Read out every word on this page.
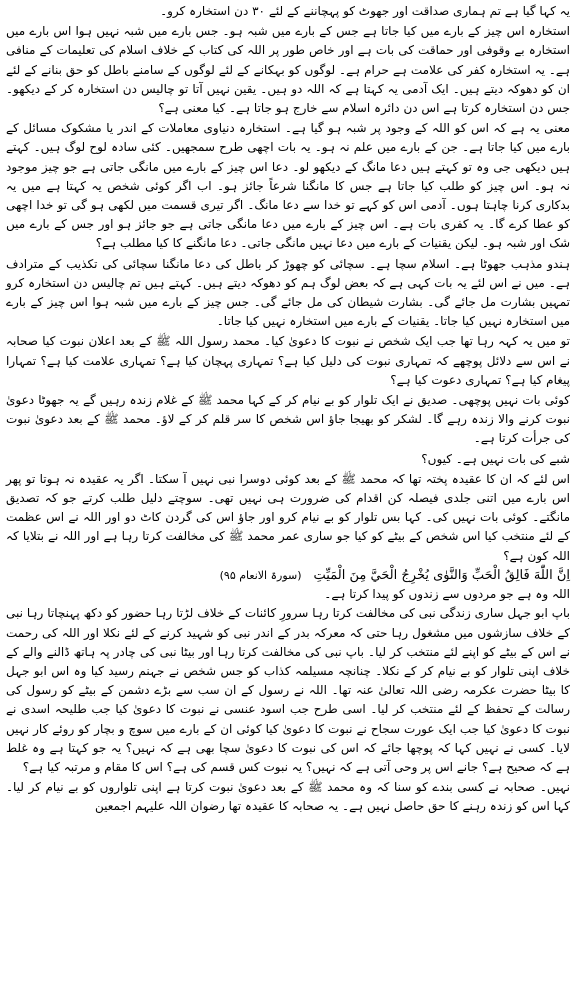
یہ کہا گیا ہے تم ہماری صداقت اور جھوٹ کو پہچاننے کے لئے ۳۰ دن استخارہ کرو۔

استخارہ اس چیز کے بارے میں کیا جاتا ہے جس کے بارے میں شبہ ہو۔ جس بارے میں شبہ نہیں ہوا اس بارے میں استخارہ بے وقوفی اور حماقت کی بات ہے اور خاص طور پر اللہ کی کتاب کے خلاف اسلام کی تعلیمات کے منافی ہے۔ یہ استخارہ کفر کی علامت ہے حرام ہے۔ لوگوں کو بہکانے کے لئے لوگوں کے سامنے باطل کو حق بنانے کے لئے ان کو دھوکہ دیتے ہیں۔ ایک آدمی یہ کہتا ہے کہ اللہ دو ہیں۔ یقین نہیں آتا تو چالیس دن استخارہ کر کے دیکھو۔ جس دن استخارہ کرتا ہے اس دن دائرہ اسلام سے خارج ہو جاتا ہے۔ کیا معنی ہے؟

معنی یہ ہے کہ اس کو اللہ کے وجود پر شبہ ہو گیا ہے۔ استخارہ دنیاوی معاملات کے اندر یا مشکوک مسائل کے بارے میں کیا جاتا ہے۔ جن کے بارے میں علم نہ ہو۔ یہ بات اچھی طرح سمجھیں۔ کئی سادہ لوح لوگ ہیں۔ کہتے ہیں دیکھی جی وہ تو کہتے ہیں دعا مانگ کے دیکھو لو۔ دعا اس چیز کے بارے میں مانگی جاتی ہے جو چیز موجود نہ ہو۔ اس چیز کو طلب کیا جاتا ہے جس کا مانگنا شرعاً جائز ہو۔ اب اگر کوئی شخص یہ کہتا ہے میں یہ بدکاری کرنا چاہتا ہوں۔ آدمی اس کو کہے تو خدا سے دعا مانگ۔ اگر تیری قسمت میں لکھی ہو گی تو خدا اچھی کو عطا کرے گا۔ یہ کفری بات ہے۔ اس چیز کے بارے میں دعا مانگی جاتی ہے جو جائز ہو اور جس کے بارے میں شک اور شبہ ہو۔ لیکن یقنیات کے بارے میں دعا نہیں مانگی جاتی۔ دعا مانگنے کا کیا مطلب ہے؟

ہندو مذہب جھوٹا ہے۔ اسلام سچا ہے۔ سچائی کو چھوڑ کر باطل کی دعا مانگنا سچائی کی تکذیب کے مترادف ہے۔ میں نے اس لئے یہ بات کہی ہے کہ بعض لوگ ہم کو دھوکہ دیتے ہیں۔ کہتے ہیں تم چالیس دن استخارہ کرو تمہیں بشارت مل جائے گی۔ بشارت شیطان کی مل جائے گی۔ جس چیز کے بارے میں شبہ ہوا اس چیز کے بارے میں استخارہ نہیں کیا جاتا۔ یقنیات کے بارے میں استخارہ نہیں کیا جاتا۔

تو میں یہ کہہ رہا تھا جب ایک شخص نے نبوت کا دعویٰ کیا۔ محمد رسول اللہ ﷺ کے بعد اعلان نبوت کیا صحابہ نے اس سے دلائل پوچھے کہ تمہاری نبوت کی دلیل کیا ہے؟ تمہاری پہچان کیا ہے؟ تمہاری علامت کیا ہے؟ تمہارا پیغام کیا ہے؟ تمہاری دعوت کیا ہے؟

کوئی بات نہیں پوچھی۔ صدیق نے ایک تلوار کو بے نیام کر کے کہا محمد ﷺ کے غلام زندہ رہیں گے یہ جھوٹا دعویٰ نبوت کرنے والا زندہ رہے گا۔ لشکر کو بھیجا جاؤ اس شخص کا سر قلم کر کے لاؤ۔ محمد ﷺ کے بعد دعویٰ نبوت کی جرأت کرتا ہے۔

شبے کی بات نہیں ہے۔ کیوں؟

اس لئے کہ ان کا عقیدہ پختہ تھا کہ محمد ﷺ کے بعد کوئی دوسرا نبی نہیں آ سکتا۔ اگر یہ عقیدہ نہ ہوتا تو پھر اس بارے میں اتنی جلدی فیصلہ کن اقدام کی ضرورت ہی نہیں تھی۔ سوچتے دلیل طلب کرتے جو کہ تصدیق مانگتے۔ کوئی بات نہیں کی۔ کہا بس تلوار کو بے نیام کرو اور جاؤ اس کی گردن کاٹ دو اور اللہ نے اس عظمت کے لئے منتخب کیا اس شخص کے بیٹے کو کیا جو ساری عمر محمد ﷺ کی مخالفت کرتا رہا ہے اور اللہ نے بتلایا کہ اللہ کون ہے؟

اِنَّ اللّٰهَ فَالِقُ الْحَبِّ وَالنَّوٰى يُخْرِجُ الْحَيَّ مِنَ الْمَيِّتِ
(سورۃ الانعام ۹۵)
اللہ وہ ہے جو مردوں سے زندوں کو پیدا کرتا ہے۔

باپ ابو جہل ساری زندگی نبی کی مخالفت کرتا رہا سرورِ کائنات کے خلاف لڑتا رہا حضور کو دکھ پہنچاتا رہا نبی کے خلاف سازشوں میں مشغول رہا حتی کہ معرکہ بدر کے اندر نبی کو شہید کرنے کے لئے نکلا اور اللہ کی رحمت نے اس کے بیٹے کو اپنے لئے منتخب کر لیا۔ باپ نبی کی مخالفت کرتا رہا اور بیٹا نبی کی چادر پہ ہاتھ ڈالنے والے کے خلاف اپنی تلوار کو بے نیام کر کے نکلا۔ چنانچہ مسیلمہ کذاب کو جس شخص نے جہنم رسید کیا وہ اس ابو جہل کا بیٹا حضرت عکرمہ رضی اللہ تعالیٰ عنہ تھا۔ اللہ نے رسول کے ان سب سے بڑے دشمن کے بیٹے کو رسول کی رسالت کے تحفظ کے لئے منتخب کر لیا۔ اسی طرح جب اسود عنسی نے نبوت کا دعویٰ کیا جب طلیحہ اسدی نے نبوت کا دعویٰ کیا جب ایک عورت سجاح نے نبوت کا دعویٰ کیا کوئی ان کے بارے میں سوچ و بچار کو روئے کار نہیں لایا۔ کسی نے نہیں کہا کہ پوچھا جائے کہ اس کی نبوت کا دعویٰ سچا بھی ہے کہ نہیں؟ یہ جو کہتا ہے وہ غلط ہے کہ صحیح ہے؟ جانے اس پر وحی آتی ہے کہ نہیں؟ یہ نبوت کس قسم کی ہے؟ اس کا مقام و مرتبہ کیا ہے؟

نہیں۔ صحابہ نے کسی بندے کو سنا کہ وہ محمد ﷺ کے بعد دعویٰ نبوت کرتا ہے اپنی تلواروں کو بے نیام کر لیا۔ کہا اس کو زندہ رہنے کا حق حاصل نہیں ہے۔ یہ صحابہ کا عقیدہ تھا رضوان اللہ علیہم اجمعین
